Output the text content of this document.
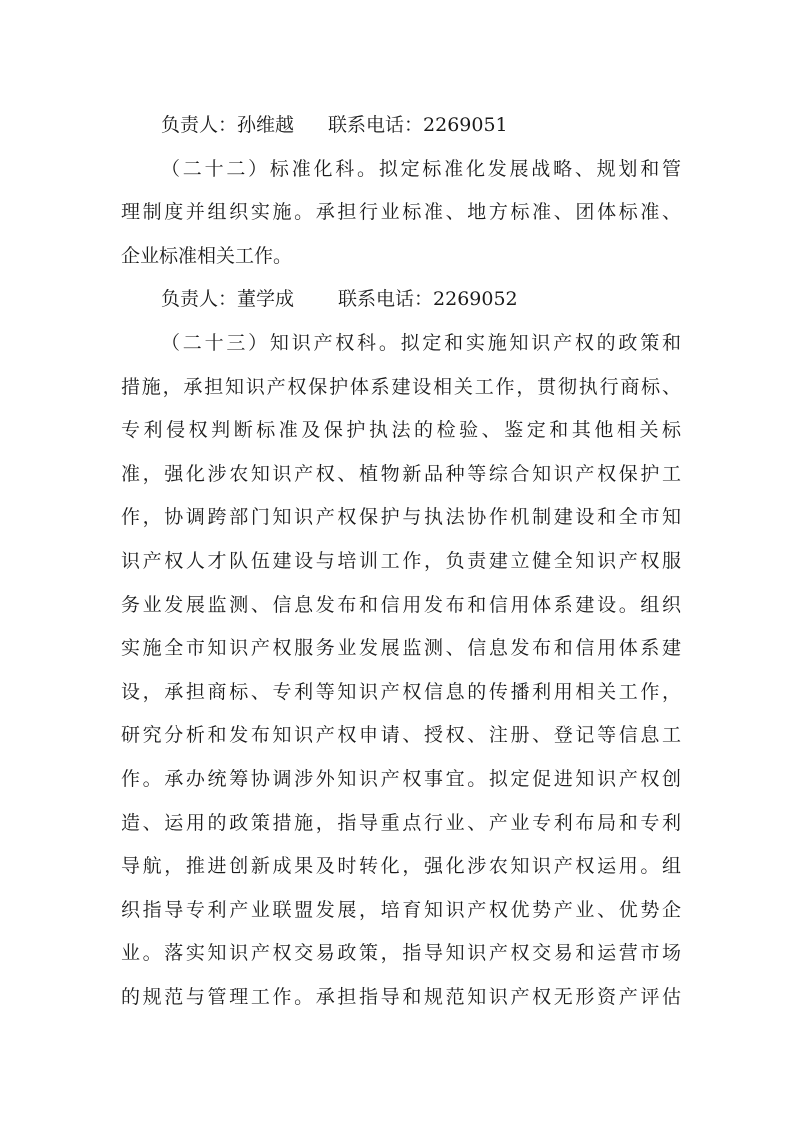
负责人：孙维越 联系电话：2269051
（二十二）标准化科。拟定标准化发展战略、规划和管
理制度并组织实施。承担行业标准、地方标准、团体标准、
企业标准相关工作。
负责人：董学成 联系电话：2269052
（二十三）知识产权科。拟定和实施知识产权的政策和
措施，承担知识产权保护体系建设相关工作，贯彻执行商标、
专利侵权判断标准及保护执法的检验、鉴定和其他相关标
准，强化涉农知识产权、植物新品种等综合知识产权保护工
作，协调跨部门知识产权保护与执法协作机制建设和全市知
识产权人才队伍建设与培训工作，负责建立健全知识产权服
务业发展监测、信息发布和信用发布和信用体系建设。组织
实施全市知识产权服务业发展监测、信息发布和信用体系建
设，承担商标、专利等知识产权信息的传播利用相关工作，
研究分析和发布知识产权申请、授权、注册、登记等信息工
作。承办统筹协调涉外知识产权事宜。拟定促进知识产权创
造、运用的政策措施，指导重点行业、产业专利布局和专利
导航，推进创新成果及时转化，强化涉农知识产权运用。组
织指导专利产业联盟发展，培育知识产权优势产业、优势企
业。落实知识产权交易政策，指导知识产权交易和运营市场
的规范与管理工作。承担指导和规范知识产权无形资产评估
